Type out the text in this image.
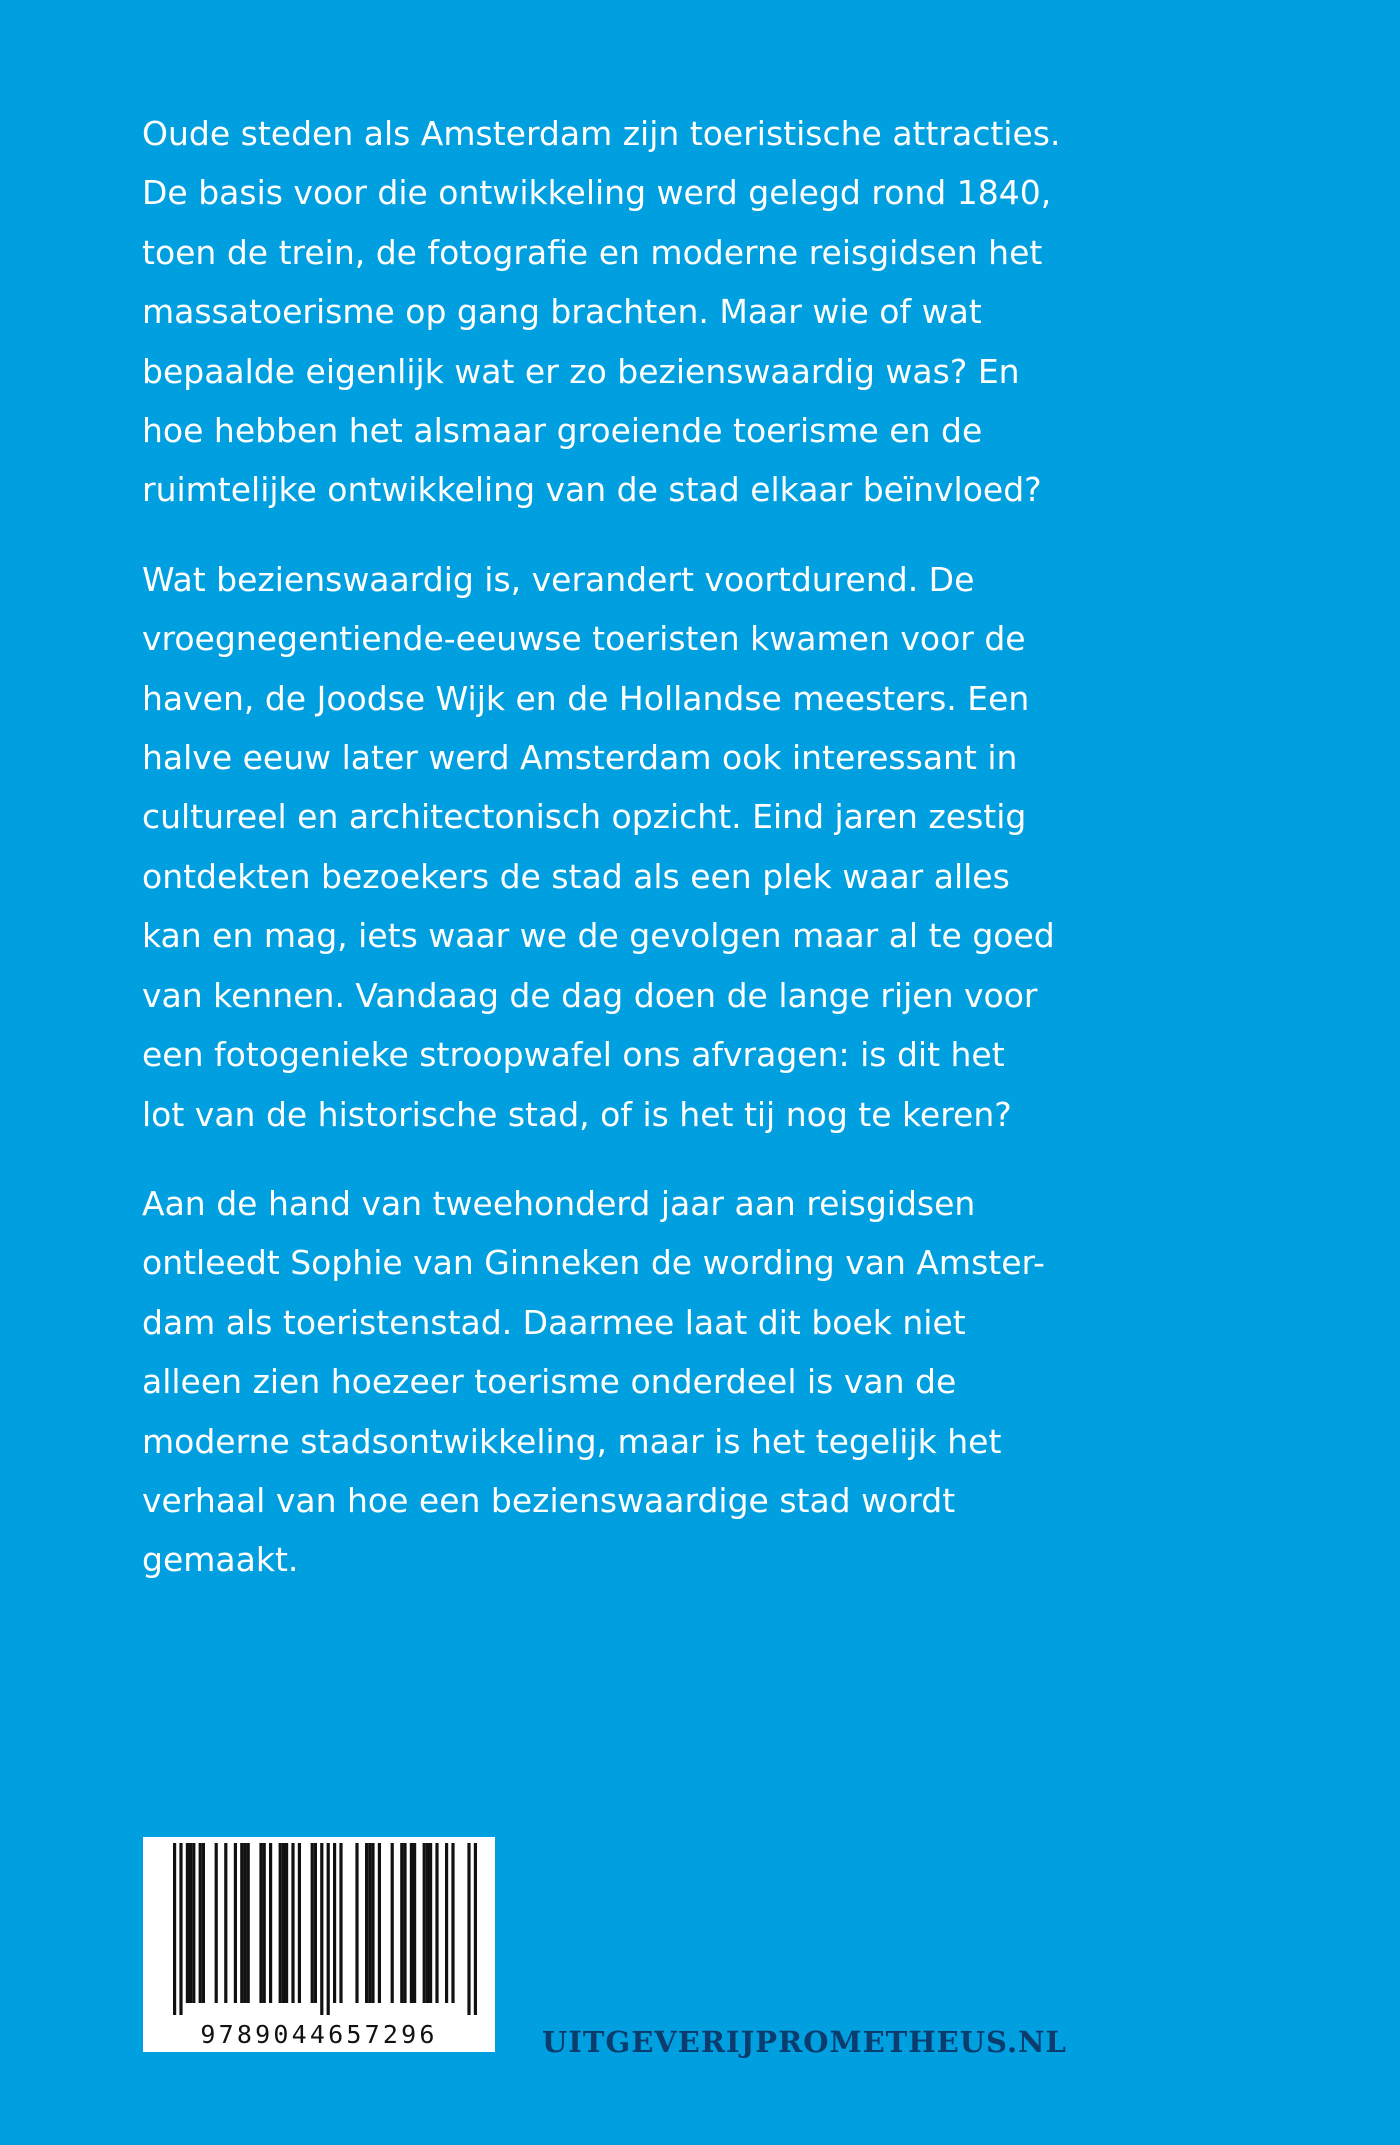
Oude steden als Amsterdam zijn toeristische attracties.
De basis voor die ontwikkeling werd gelegd rond 1840,
toen de trein, de fotografie en moderne reisgidsen het
massatoerisme op gang brachten. Maar wie of wat
bepaalde eigenlijk wat er zo bezienswaardig was? En
hoe hebben het alsmaar groeiende toerisme en de
ruimtelijke ontwikkeling van de stad elkaar beïnvloed?
Wat bezienswaardig is, verandert voortdurend. De
vroegnegentiende-eeuwse toeristen kwamen voor de
haven, de Joodse Wijk en de Hollandse meesters. Een
halve eeuw later werd Amsterdam ook interessant in
cultureel en architectonisch opzicht. Eind jaren zestig
ontdekten bezoekers de stad als een plek waar alles
kan en mag, iets waar we de gevolgen maar al te goed
van kennen. Vandaag de dag doen de lange rijen voor
een fotogenieke stroopwafel ons afvragen: is dit het
lot van de historische stad, of is het tij nog te keren?
Aan de hand van tweehonderd jaar aan reisgidsen
ontleedt Sophie van Ginneken de wording van Amster-
dam als toeristenstad. Daarmee laat dit boek niet
alleen zien hoezeer toerisme onderdeel is van de
moderne stadsontwikkeling, maar is het tegelijk het
verhaal van hoe een bezienswaardige stad wordt
gemaakt.
9789044657296	UITGEVERIJPROMETHEUS.NL
